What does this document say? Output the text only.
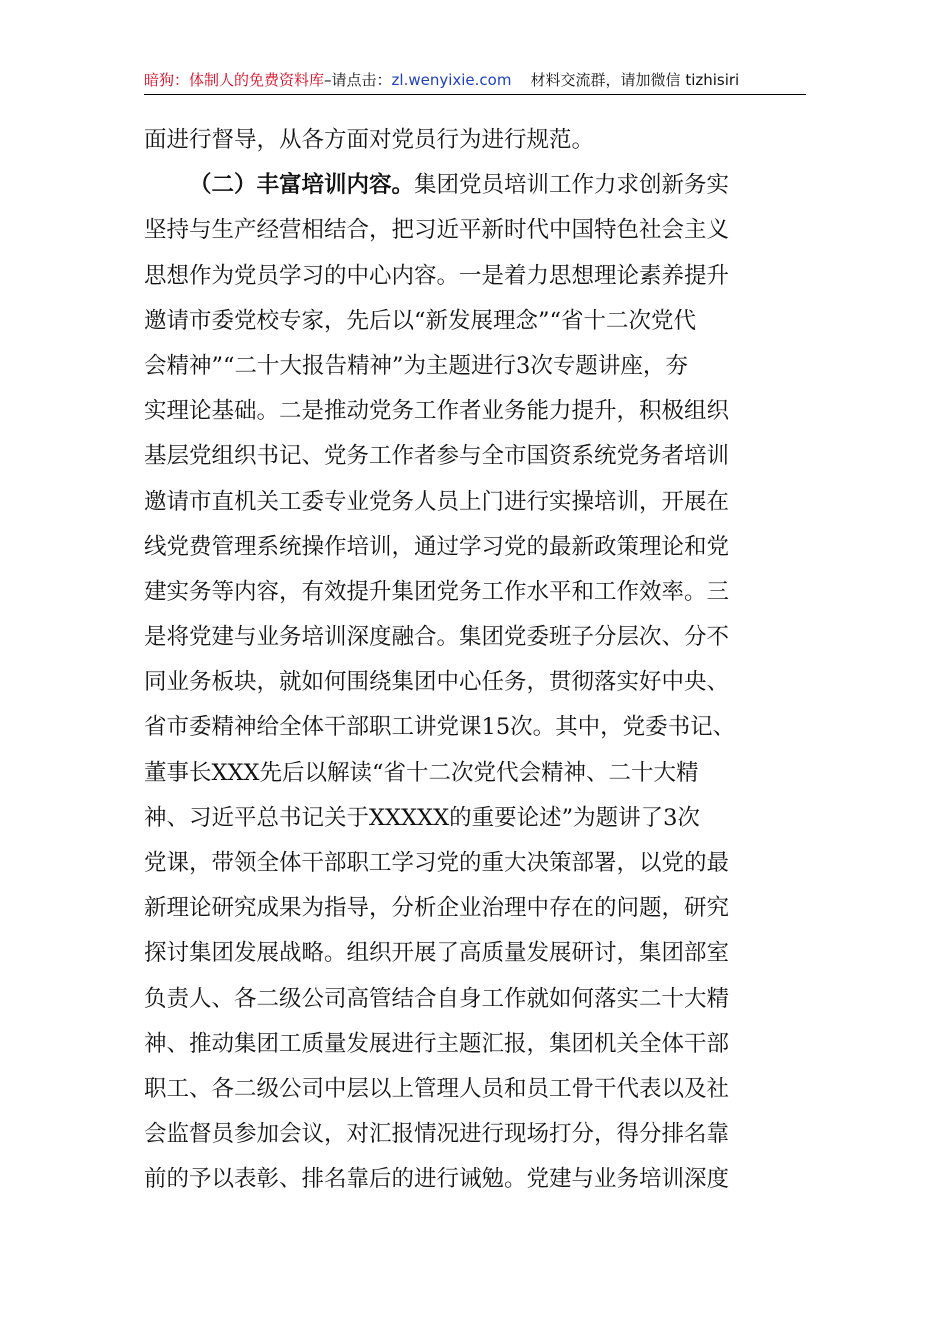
暗狗：体制人的免费资料库–请点击：zl.wenyixie.com 材料交流群，请加微信 tizhisiri
面进行督导，从各方面对党员行为进行规范。
  （二）丰富培训内容。集团党员培训工作力求创新务实
坚持与生产经营相结合，把习近平新时代中国特色社会主义
思想作为党员学习的中心内容。一是着力思想理论素养提升
邀请市委党校专家，先后以“新发展理念”“省十二次党代
会精神”“二十大报告精神”为主题进行3次专题讲座，夯
实理论基础。二是推动党务工作者业务能力提升，积极组织
基层党组织书记、党务工作者参与全市国资系统党务者培训
邀请市直机关工委专业党务人员上门进行实操培训，开展在
线党费管理系统操作培训，通过学习党的最新政策理论和党
建实务等内容，有效提升集团党务工作水平和工作效率。三
是将党建与业务培训深度融合。集团党委班子分层次、分不
同业务板块，就如何围绕集团中心任务，贯彻落实好中央、
省市委精神给全体干部职工讲党课15次。其中，党委书记、
董事长XXX先后以解读“省十二次党代会精神、二十大精
神、习近平总书记关于XXXXX的重要论述”为题讲了3次
党课，带领全体干部职工学习党的重大决策部署，以党的最
新理论研究成果为指导，分析企业治理中存在的问题，研究
探讨集团发展战略。组织开展了高质量发展研讨，集团部室
负责人、各二级公司高管结合自身工作就如何落实二十大精
神、推动集团工质量发展进行主题汇报，集团机关全体干部
职工、各二级公司中层以上管理人员和员工骨干代表以及社
会监督员参加会议，对汇报情况进行现场打分，得分排名靠
前的予以表彰、排名靠后的进行诫勉。党建与业务培训深度
